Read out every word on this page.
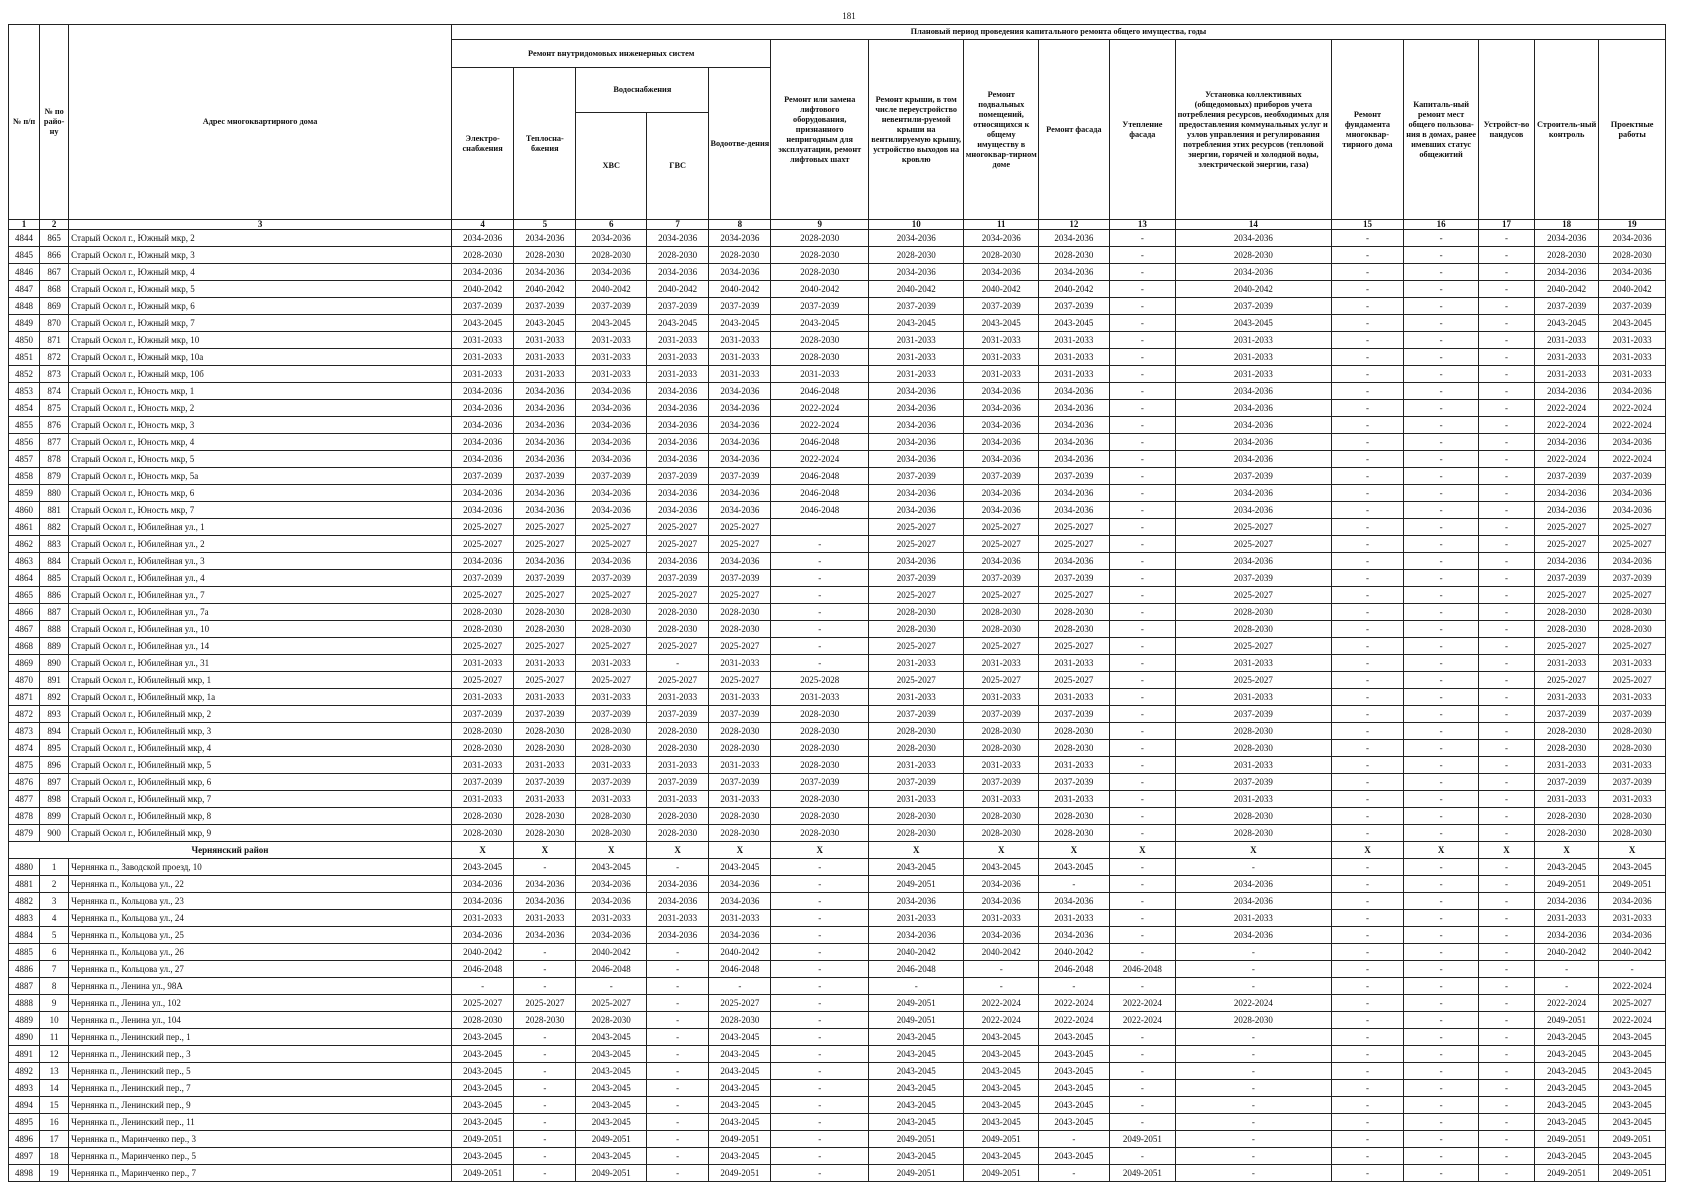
181
№ п/п	№ по райо-ну	Адрес многоквартирного дома	Плановый период проведения капитального ремонта общего имущества, годы															
			Ремонт внутридомовых инженерных систем					Ремонт или замена лифтового оборудования, признанного непригодным для эксплуатации, ремонт лифтовых шахт	Ремонт крыши, в том числе переустройство невентили-руемой крыши на вентилируемую крышу, устройство выходов на кровлю	Ремонт подвальных помещений, относящихся к общему имуществу в многоквар-тирном доме	Ремонт фасада	Утепление фасада	Установка коллективных (общедомовых) приборов учета потребления ресурсов, необходимых для предоставления коммунальных услуг и узлов управления и регулирования потребления этих ресурсов (тепловой энергии, горячей и холодной воды, электрической энергии, газа)	Ремонт фундамента многоквар-тирного дома	Капиталь-ный ремонт мест общего пользова-ния в домах, ранее имевших статус общежитий	Устройст-во пандусов	Строитель-ный контроль	Проектные работы
			Электро-снабжения	Теплосна-бжения	Водоснабжения		Водоотве-дения											
					ХВС	ГВС												
1	2	3	4	5	6	7	8	9	10	11	12	13	14	15	16	17	18	19
4844	865	Старый Оскол г., Южный мкр, 2	2034-2036	2034-2036	2034-2036	2034-2036	2034-2036	2028-2030	2034-2036	2034-2036	2034-2036	-	2034-2036	-	-	-	2034-2036	2034-2036
4845	866	Старый Оскол г., Южный мкр, 3	2028-2030	2028-2030	2028-2030	2028-2030	2028-2030	2028-2030	2028-2030	2028-2030	2028-2030	-	2028-2030	-	-	-	2028-2030	2028-2030
4846	867	Старый Оскол г., Южный мкр, 4	2034-2036	2034-2036	2034-2036	2034-2036	2034-2036	2028-2030	2034-2036	2034-2036	2034-2036	-	2034-2036	-	-	-	2034-2036	2034-2036
4847	868	Старый Оскол г., Южный мкр, 5	2040-2042	2040-2042	2040-2042	2040-2042	2040-2042	2040-2042	2040-2042	2040-2042	2040-2042	-	2040-2042	-	-	-	2040-2042	2040-2042
4848	869	Старый Оскол г., Южный мкр, 6	2037-2039	2037-2039	2037-2039	2037-2039	2037-2039	2037-2039	2037-2039	2037-2039	2037-2039	-	2037-2039	-	-	-	2037-2039	2037-2039
4849	870	Старый Оскол г., Южный мкр, 7	2043-2045	2043-2045	2043-2045	2043-2045	2043-2045	2043-2045	2043-2045	2043-2045	2043-2045	-	2043-2045	-	-	-	2043-2045	2043-2045
4850	871	Старый Оскол г., Южный мкр, 10	2031-2033	2031-2033	2031-2033	2031-2033	2031-2033	2028-2030	2031-2033	2031-2033	2031-2033	-	2031-2033	-	-	-	2031-2033	2031-2033
4851	872	Старый Оскол г., Южный мкр, 10а	2031-2033	2031-2033	2031-2033	2031-2033	2031-2033	2028-2030	2031-2033	2031-2033	2031-2033	-	2031-2033	-	-	-	2031-2033	2031-2033
4852	873	Старый Оскол г., Южный мкр, 10б	2031-2033	2031-2033	2031-2033	2031-2033	2031-2033	2031-2033	2031-2033	2031-2033	2031-2033	-	2031-2033	-	-	-	2031-2033	2031-2033
4853	874	Старый Оскол г., Юность мкр, 1	2034-2036	2034-2036	2034-2036	2034-2036	2034-2036	2046-2048	2034-2036	2034-2036	2034-2036	-	2034-2036	-	-	-	2034-2036	2034-2036
4854	875	Старый Оскол г., Юность мкр, 2	2034-2036	2034-2036	2034-2036	2034-2036	2034-2036	2022-2024	2034-2036	2034-2036	2034-2036	-	2034-2036	-	-	-	2022-2024	2022-2024
4855	876	Старый Оскол г., Юность мкр, 3	2034-2036	2034-2036	2034-2036	2034-2036	2034-2036	2022-2024	2034-2036	2034-2036	2034-2036	-	2034-2036	-	-	-	2022-2024	2022-2024
4856	877	Старый Оскол г., Юность мкр, 4	2034-2036	2034-2036	2034-2036	2034-2036	2034-2036	2046-2048	2034-2036	2034-2036	2034-2036	-	2034-2036	-	-	-	2034-2036	2034-2036
4857	878	Старый Оскол г., Юность мкр, 5	2034-2036	2034-2036	2034-2036	2034-2036	2034-2036	2022-2024	2034-2036	2034-2036	2034-2036	-	2034-2036	-	-	-	2022-2024	2022-2024
4858	879	Старый Оскол г., Юность мкр, 5а	2037-2039	2037-2039	2037-2039	2037-2039	2037-2039	2046-2048	2037-2039	2037-2039	2037-2039	-	2037-2039	-	-	-	2037-2039	2037-2039
4859	880	Старый Оскол г., Юность мкр, 6	2034-2036	2034-2036	2034-2036	2034-2036	2034-2036	2046-2048	2034-2036	2034-2036	2034-2036	-	2034-2036	-	-	-	2034-2036	2034-2036
4860	881	Старый Оскол г., Юность мкр, 7	2034-2036	2034-2036	2034-2036	2034-2036	2034-2036	2046-2048	2034-2036	2034-2036	2034-2036	-	2034-2036	-	-	-	2034-2036	2034-2036
4861	882	Старый Оскол г., Юбилейная ул., 1	2025-2027	2025-2027	2025-2027	2025-2027	2025-2027		2025-2027	2025-2027	2025-2027	-	2025-2027	-	-	-	2025-2027	2025-2027
4862	883	Старый Оскол г., Юбилейная ул., 2	2025-2027	2025-2027	2025-2027	2025-2027	2025-2027	-	2025-2027	2025-2027	2025-2027	-	2025-2027	-	-	-	2025-2027	2025-2027
4863	884	Старый Оскол г., Юбилейная ул., 3	2034-2036	2034-2036	2034-2036	2034-2036	2034-2036	-	2034-2036	2034-2036	2034-2036	-	2034-2036	-	-	-	2034-2036	2034-2036
4864	885	Старый Оскол г., Юбилейная ул., 4	2037-2039	2037-2039	2037-2039	2037-2039	2037-2039	-	2037-2039	2037-2039	2037-2039	-	2037-2039	-	-	-	2037-2039	2037-2039
4865	886	Старый Оскол г., Юбилейная ул., 7	2025-2027	2025-2027	2025-2027	2025-2027	2025-2027	-	2025-2027	2025-2027	2025-2027	-	2025-2027	-	-	-	2025-2027	2025-2027
4866	887	Старый Оскол г., Юбилейная ул., 7а	2028-2030	2028-2030	2028-2030	2028-2030	2028-2030	-	2028-2030	2028-2030	2028-2030	-	2028-2030	-	-	-	2028-2030	2028-2030
4867	888	Старый Оскол г., Юбилейная ул., 10	2028-2030	2028-2030	2028-2030	2028-2030	2028-2030	-	2028-2030	2028-2030	2028-2030	-	2028-2030	-	-	-	2028-2030	2028-2030
4868	889	Старый Оскол г., Юбилейная ул., 14	2025-2027	2025-2027	2025-2027	2025-2027	2025-2027	-	2025-2027	2025-2027	2025-2027	-	2025-2027	-	-	-	2025-2027	2025-2027
4869	890	Старый Оскол г., Юбилейная ул., 31	2031-2033	2031-2033	2031-2033	-	2031-2033	-	2031-2033	2031-2033	2031-2033	-	2031-2033	-	-	-	2031-2033	2031-2033
4870	891	Старый Оскол г., Юбилейный мкр, 1	2025-2027	2025-2027	2025-2027	2025-2027	2025-2027	2025-2028	2025-2027	2025-2027	2025-2027	-	2025-2027	-	-	-	2025-2027	2025-2027
4871	892	Старый Оскол г., Юбилейный мкр, 1а	2031-2033	2031-2033	2031-2033	2031-2033	2031-2033	2031-2033	2031-2033	2031-2033	2031-2033	-	2031-2033	-	-	-	2031-2033	2031-2033
4872	893	Старый Оскол г., Юбилейный мкр, 2	2037-2039	2037-2039	2037-2039	2037-2039	2037-2039	2028-2030	2037-2039	2037-2039	2037-2039	-	2037-2039	-	-	-	2037-2039	2037-2039
4873	894	Старый Оскол г., Юбилейный мкр, 3	2028-2030	2028-2030	2028-2030	2028-2030	2028-2030	2028-2030	2028-2030	2028-2030	2028-2030	-	2028-2030	-	-	-	2028-2030	2028-2030
4874	895	Старый Оскол г., Юбилейный мкр, 4	2028-2030	2028-2030	2028-2030	2028-2030	2028-2030	2028-2030	2028-2030	2028-2030	2028-2030	-	2028-2030	-	-	-	2028-2030	2028-2030
4875	896	Старый Оскол г., Юбилейный мкр, 5	2031-2033	2031-2033	2031-2033	2031-2033	2031-2033	2028-2030	2031-2033	2031-2033	2031-2033	-	2031-2033	-	-	-	2031-2033	2031-2033
4876	897	Старый Оскол г., Юбилейный мкр, 6	2037-2039	2037-2039	2037-2039	2037-2039	2037-2039	2037-2039	2037-2039	2037-2039	2037-2039	-	2037-2039	-	-	-	2037-2039	2037-2039
4877	898	Старый Оскол г., Юбилейный мкр, 7	2031-2033	2031-2033	2031-2033	2031-2033	2031-2033	2028-2030	2031-2033	2031-2033	2031-2033	-	2031-2033	-	-	-	2031-2033	2031-2033
4878	899	Старый Оскол г., Юбилейный мкр, 8	2028-2030	2028-2030	2028-2030	2028-2030	2028-2030	2028-2030	2028-2030	2028-2030	2028-2030	-	2028-2030	-	-	-	2028-2030	2028-2030
4879	900	Старый Оскол г., Юбилейный мкр, 9	2028-2030	2028-2030	2028-2030	2028-2030	2028-2030	2028-2030	2028-2030	2028-2030	2028-2030	-	2028-2030	-	-	-	2028-2030	2028-2030
Чернянский район			X	X	X	X	X	X	X	X	X	X	X	X	X	X	X	X
4880	1	Чернянка п., Заводской проезд, 10	2043-2045	-	2043-2045	-	2043-2045	-	2043-2045	2043-2045	2043-2045	-	-	-	-	-	2043-2045	2043-2045
4881	2	Чернянка п., Кольцова ул., 22	2034-2036	2034-2036	2034-2036	2034-2036	2034-2036	-	2049-2051	2034-2036	-	-	2034-2036	-	-	-	2049-2051	2049-2051
4882	3	Чернянка п., Кольцова ул., 23	2034-2036	2034-2036	2034-2036	2034-2036	2034-2036	-	2034-2036	2034-2036	2034-2036	-	2034-2036	-	-	-	2034-2036	2034-2036
4883	4	Чернянка п., Кольцова ул., 24	2031-2033	2031-2033	2031-2033	2031-2033	2031-2033	-	2031-2033	2031-2033	2031-2033	-	2031-2033	-	-	-	2031-2033	2031-2033
4884	5	Чернянка п., Кольцова ул., 25	2034-2036	2034-2036	2034-2036	2034-2036	2034-2036	-	2034-2036	2034-2036	2034-2036	-	2034-2036	-	-	-	2034-2036	2034-2036
4885	6	Чернянка п., Кольцова ул., 26	2040-2042	-	2040-2042	-	2040-2042	-	2040-2042	2040-2042	2040-2042	-	-	-	-	-	2040-2042	2040-2042
4886	7	Чернянка п., Кольцова ул., 27	2046-2048	-	2046-2048	-	2046-2048	-	2046-2048	-	2046-2048	2046-2048	-	-	-	-	-	-
4887	8	Чернянка п., Ленина ул., 98А	-	-	-	-	-	-	-	-	-	-	-	-	-	-	-	2022-2024
4888	9	Чернянка п., Ленина ул., 102	2025-2027	2025-2027	2025-2027	-	2025-2027	-	2049-2051	2022-2024	2022-2024	2022-2024	2022-2024	-	-	-	2022-2024	2025-2027
4889	10	Чернянка п., Ленина ул., 104	2028-2030	2028-2030	2028-2030	-	2028-2030	-	2049-2051	2022-2024	2022-2024	2022-2024	2028-2030	-	-	-	2049-2051	2022-2024
4890	11	Чернянка п., Ленинский пер., 1	2043-2045	-	2043-2045	-	2043-2045	-	2043-2045	2043-2045	2043-2045	-	-	-	-	-	2043-2045	2043-2045
4891	12	Чернянка п., Ленинский пер., 3	2043-2045	-	2043-2045	-	2043-2045	-	2043-2045	2043-2045	2043-2045	-	-	-	-	-	2043-2045	2043-2045
4892	13	Чернянка п., Ленинский пер., 5	2043-2045	-	2043-2045	-	2043-2045	-	2043-2045	2043-2045	2043-2045	-	-	-	-	-	2043-2045	2043-2045
4893	14	Чернянка п., Ленинский пер., 7	2043-2045	-	2043-2045	-	2043-2045	-	2043-2045	2043-2045	2043-2045	-	-	-	-	-	2043-2045	2043-2045
4894	15	Чернянка п., Ленинский пер., 9	2043-2045	-	2043-2045	-	2043-2045	-	2043-2045	2043-2045	2043-2045	-	-	-	-	-	2043-2045	2043-2045
4895	16	Чернянка п., Ленинский пер., 11	2043-2045	-	2043-2045	-	2043-2045	-	2043-2045	2043-2045	2043-2045	-	-	-	-	-	2043-2045	2043-2045
4896	17	Чернянка п., Маринченко пер., 3	2049-2051	-	2049-2051	-	2049-2051	-	2049-2051	2049-2051	-	2049-2051	-	-	-	-	2049-2051	2049-2051
4897	18	Чернянка п., Маринченко пер., 5	2043-2045	-	2043-2045	-	2043-2045	-	2043-2045	2043-2045	2043-2045	-	-	-	-	-	2043-2045	2043-2045
4898	19	Чернянка п., Маринченко пер., 7	2049-2051	-	2049-2051	-	2049-2051	-	2049-2051	2049-2051	-	2049-2051	-	-	-	-	2049-2051	2049-2051
